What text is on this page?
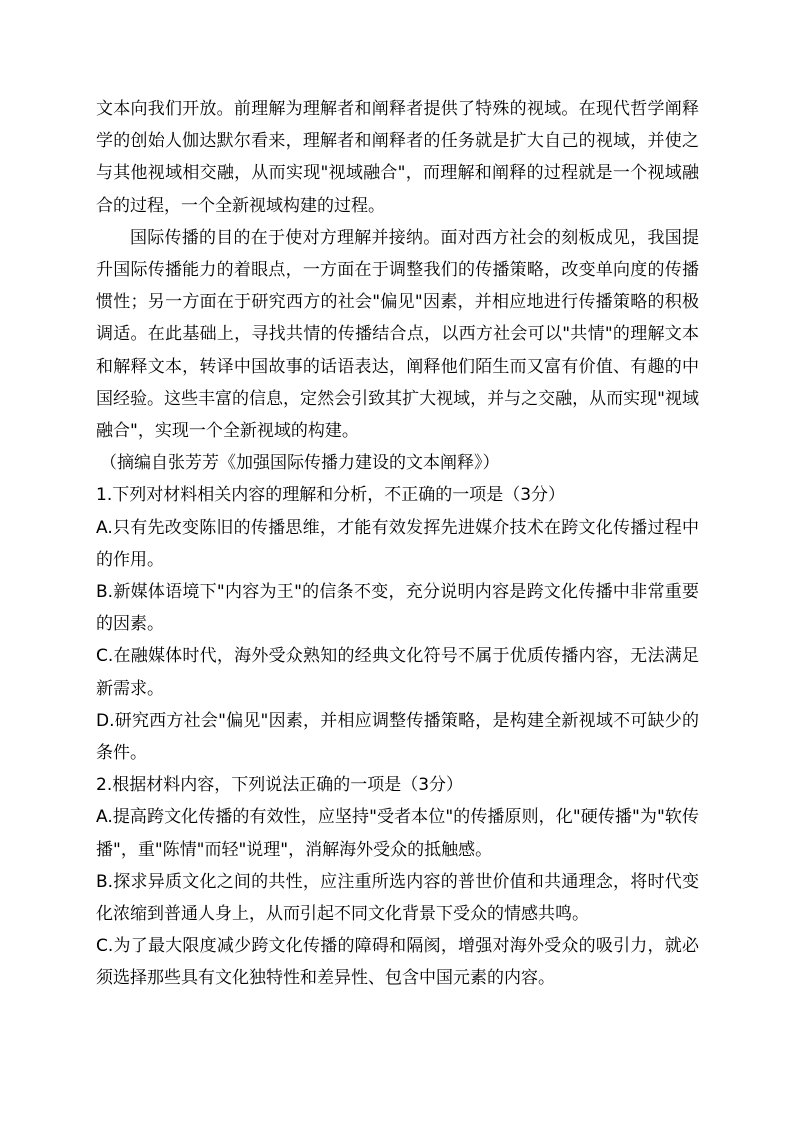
文本向我们开放。前理解为理解者和阐释者提供了特殊的视域。在现代哲学阐释学的创始人伽达默尔看来，理解者和阐释者的任务就是扩大自己的视域，并使之与其他视域相交融，从而实现"视域融合"，而理解和阐释的过程就是一个视域融合的过程，一个全新视域构建的过程。

国际传播的目的在于使对方理解并接纳。面对西方社会的刻板成见，我国提升国际传播能力的着眼点，一方面在于调整我们的传播策略，改变单向度的传播惯性；另一方面在于研究西方的社会"偏见"因素，并相应地进行传播策略的积极调适。在此基础上，寻找共情的传播结合点，以西方社会可以"共情"的理解文本和解释文本，转译中国故事的话语表达，阐释他们陌生而又富有价值、有趣的中国经验。这些丰富的信息，定然会引致其扩大视域，并与之交融，从而实现"视域融合"，实现一个全新视域的构建。

（摘编自张芳芳《加强国际传播力建设的文本阐释》）

1.下列对材料相关内容的理解和分析，不正确的一项是（3分）

A.只有先改变陈旧的传播思维，才能有效发挥先进媒介技术在跨文化传播过程中的作用。

B.新媒体语境下"内容为王"的信条不变，充分说明内容是跨文化传播中非常重要的因素。

C.在融媒体时代，海外受众熟知的经典文化符号不属于优质传播内容，无法满足新需求。

D.研究西方社会"偏见"因素，并相应调整传播策略，是构建全新视域不可缺少的条件。

2.根据材料内容，下列说法正确的一项是（3分）

A.提高跨文化传播的有效性，应坚持"受者本位"的传播原则，化"硬传播"为"软传播"，重"陈情"而轻"说理"，消解海外受众的抵触感。

B.探求异质文化之间的共性，应注重所选内容的普世价值和共通理念，将时代变化浓缩到普通人身上，从而引起不同文化背景下受众的情感共鸣。

C.为了最大限度减少跨文化传播的障碍和隔阂，增强对海外受众的吸引力，就必须选择那些具有文化独特性和差异性、包含中国元素的内容。
